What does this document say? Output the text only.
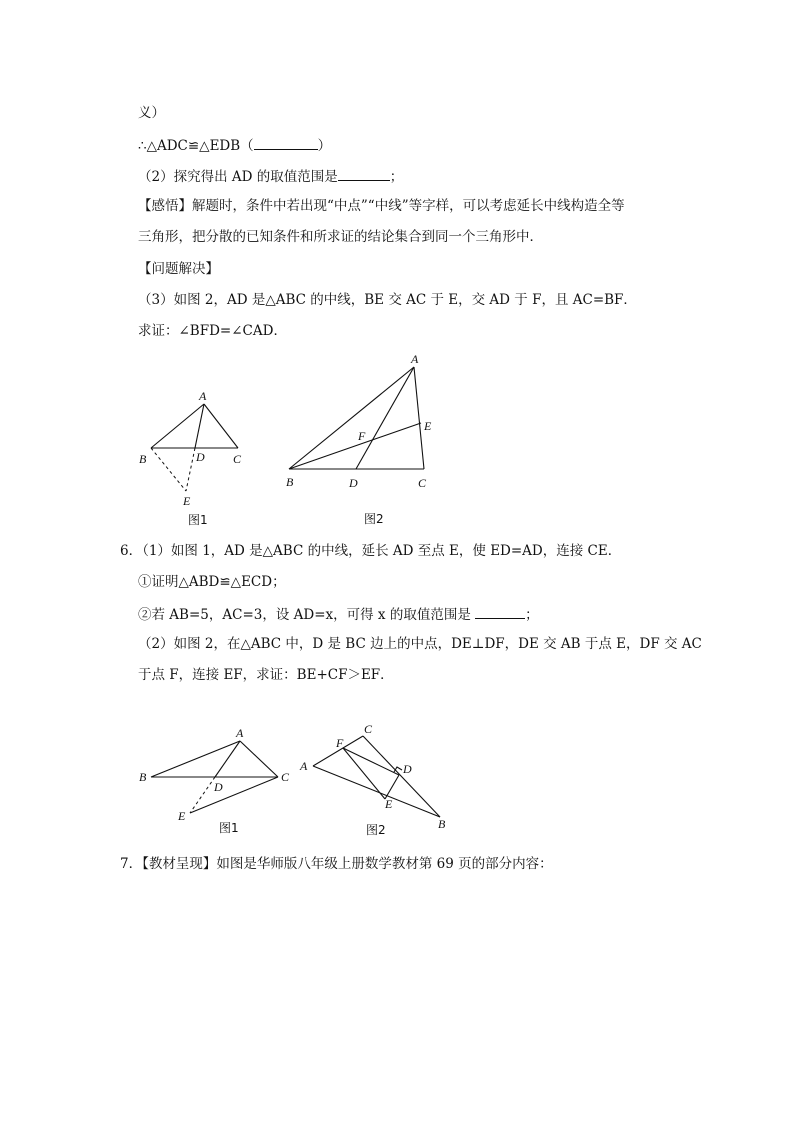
义）
∴△ADC≌△EDB（	）
（2）探究得出 AD 的取值范围是	；
【感悟】解题时，条件中若出现“中点”“中线”等字样，可以考虑延长中线构造全等
三角形，把分散的已知条件和所求证的结论集合到同一个三角形中．
【问题解决】
（3）如图 2，AD 是△ABC 的中线，BE 交 AC 于 E，交 AD 于 F，且 AC=BF．
求证：∠BFD=∠CAD．
A
B	C
D
E
图1
A
B	C
D
E
F
图2
6．（1）如图 1，AD 是△ABC 的中线，延长 AD 至点 E，使 ED=AD，连接 CE．
①证明△ABD≌△ECD；
②若 AB=5，AC=3，设 AD=x，可得 x 的取值范围是	；
（2）如图 2，在△ABC 中，D 是 BC 边上的中点，DE⊥DF，DE 交 AB 于点 E，DF 交 AC
于点 F，连接 EF，求证：BE+CF＞EF．
A
B	C
D
E
图1
C
F
A	D
E
B
图2
7．【教材呈现】如图是华师版八年级上册数学教材第 69 页的部分内容：
